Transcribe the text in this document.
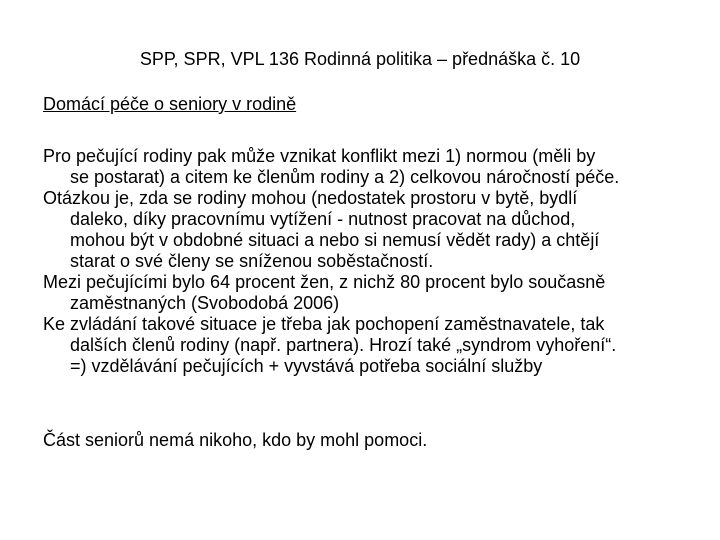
SPP, SPR, VPL 136 Rodinná politika – přednáška č. 10
Domácí péče o seniory v rodině

Pro pečující rodiny pak může vznikat konflikt mezi 1) normou (měli by
se postarat) a citem ke členům rodiny a 2) celkovou náročností péče.

Otázkou je, zda se rodiny mohou (nedostatek prostoru v bytě, bydlí
daleko, díky pracovnímu vytížení - nutnost pracovat na důchod,
mohou být v obdobné situaci a nebo si nemusí vědět rady) a chtějí
starat o své členy se sníženou soběstačností.

Mezi pečujícími bylo 64 procent žen, z nichž 80 procent bylo současně
zaměstnaných (Svobodobá 2006)

Ke zvládání takové situace je třeba jak pochopení zaměstnavatele, tak
dalších členů rodiny (např. partnera). Hrozí také „syndrom vyhoření“.
=) vzdělávání pečujících + vyvstává potřeba sociální služby

Část seniorů nemá nikoho, kdo by mohl pomoci.
